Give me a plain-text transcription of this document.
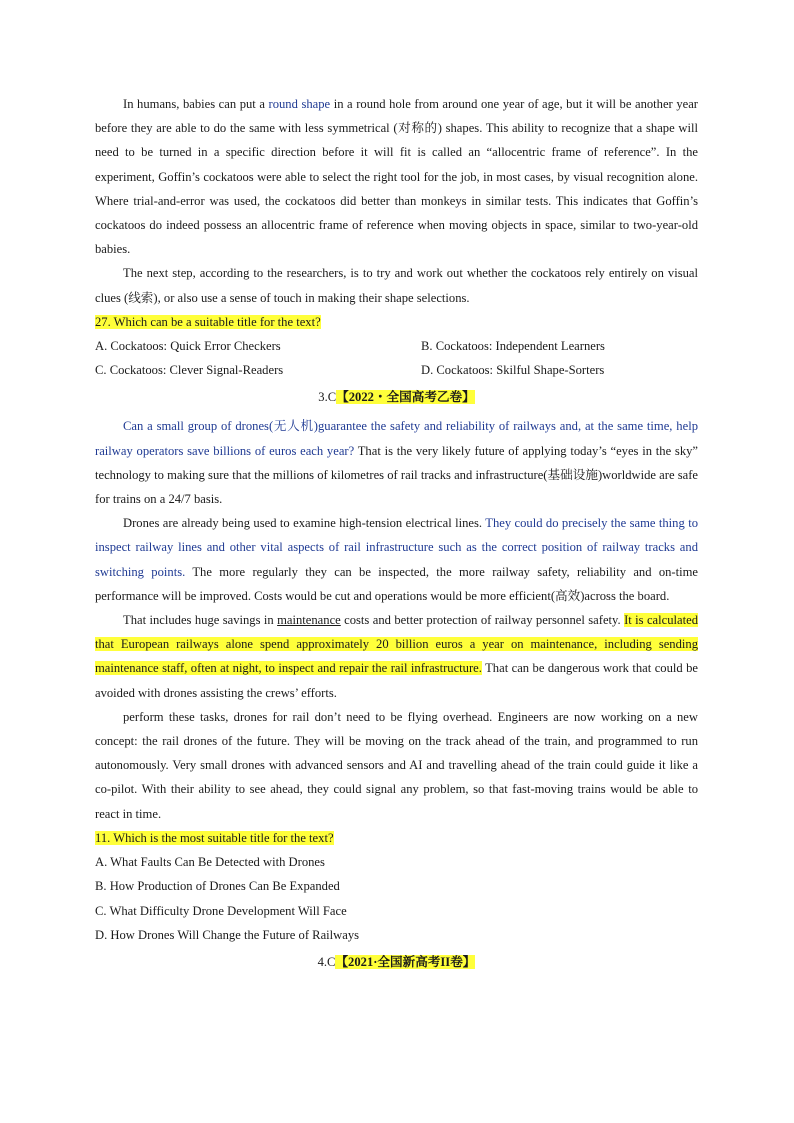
In humans, babies can put a round shape in a round hole from around one year of age, but it will be another year before they are able to do the same with less symmetrical (对称的) shapes. This ability to recognize that a shape will need to be turned in a specific direction before it will fit is called an “allocentric frame of reference”. In the experiment, Goffin’s cockatoos were able to select the right tool for the job, in most cases, by visual recognition alone. Where trial-and-error was used, the cockatoos did better than monkeys in similar tests. This indicates that Goffin’s cockatoos do indeed possess an allocentric frame of reference when moving objects in space, similar to two-year-old babies.

The next step, according to the researchers, is to try and work out whether the cockatoos rely entirely on visual clues (线索), or also use a sense of touch in making their shape selections.

27. Which can be a suitable title for the text?

A. Cockatoos: Quick Error Checkers	B. Cockatoos: Independent Learners

C. Cockatoos: Clever Signal-Readers	D. Cockatoos: Skilful Shape-Sorters

3.C【2022・全国高考乙卷】

Can a small group of drones(无人机)guarantee the safety and reliability of railways and, at the same time, help railway operators save billions of euros each year? That is the very likely future of applying today’s “eyes in the sky” technology to making sure that the millions of kilometres of rail tracks and infrastructure(基础设施)worldwide are safe for trains on a 24/7 basis.

Drones are already being used to examine high-tension electrical lines. They could do precisely the same thing to inspect railway lines and other vital aspects of rail infrastructure such as the correct position of railway tracks and switching points. The more regularly they can be inspected, the more railway safety, reliability and on-time performance will be improved. Costs would be cut and operations would be more efficient(高效)across the board.

That includes huge savings in maintenance costs and better protection of railway personnel safety. It is calculated that European railways alone spend approximately 20 billion euros a year on maintenance, including sending maintenance staff, often at night, to inspect and repair the rail infrastructure. That can be dangerous work that could be avoided with drones assisting the crews’ efforts.

perform these tasks, drones for rail don’t need to be flying overhead. Engineers are now working on a new concept: the rail drones of the future. They will be moving on the track ahead of the train, and programmed to run autonomously. Very small drones with advanced sensors and AI and travelling ahead of the train could guide it like a co-pilot. With their ability to see ahead, they could signal any problem, so that fast-moving trains would be able to react in time.

11. Which is the most suitable title for the text?

A. What Faults Can Be Detected with Drones

B. How Production of Drones Can Be Expanded

C. What Difficulty Drone Development Will Face

D. How Drones Will Change the Future of Railways

4.C【2021·全国新高考II卷】
